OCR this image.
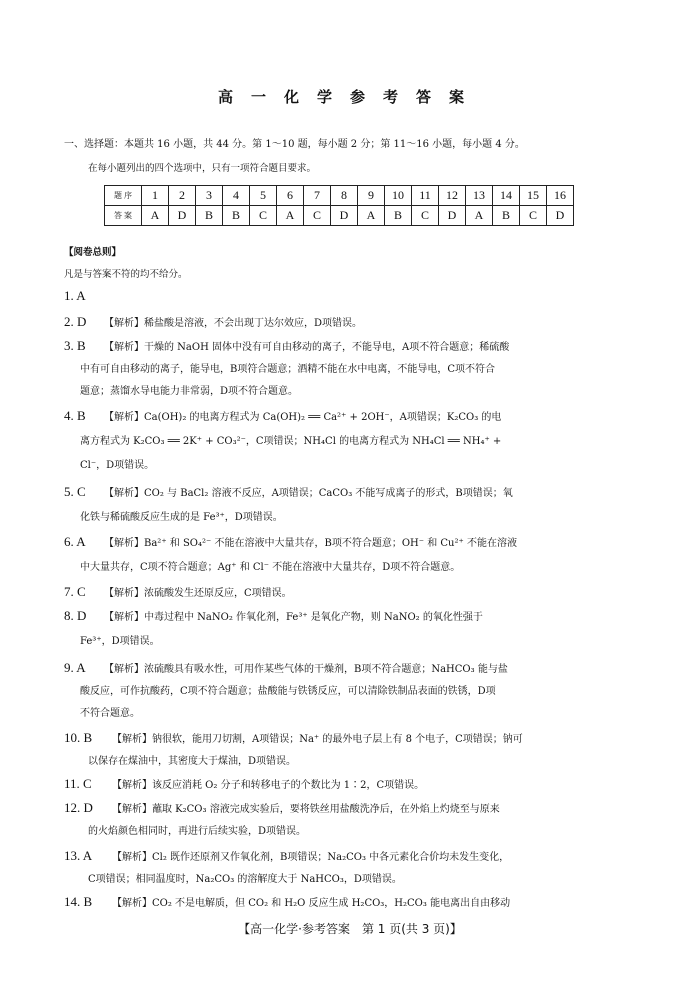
高一化学参考答案
一、选择题：本题共 16 小题，共 44 分。第 1～10 题，每小题 2 分；第 11～16 小题，每小题 4 分。
在每小题列出的四个选项中，只有一项符合题目要求。
题 序	1	2	3	4	5	6	7	8	9	10	11	12	13	14	15	16
答 案	A	D	B	B	C	A	C	D	A	B	C	D	A	B	C	D
【阅卷总则】
凡是与答案不符的均不给分。
1. A
2. D 【解析】稀盐酸是溶液，不会出现丁达尔效应，D项错误。
3. B 【解析】干燥的 NaOH 固体中没有可自由移动的离子，不能导电，A项不符合题意；稀硫酸
中有可自由移动的离子，能导电，B项符合题意；酒精不能在水中电离，不能导电，C项不符合
题意；蒸馏水导电能力非常弱，D项不符合题意。
4. B 【解析】Ca(OH)₂ 的电离方程式为 Ca(OH)₂ ══ Ca²⁺ + 2OH⁻，A项错误；K₂CO₃ 的电
离方程式为 K₂CO₃ ══ 2K⁺ + CO₃²⁻，C项错误；NH₄Cl 的电离方程式为 NH₄Cl ══ NH₄⁺ +
Cl⁻，D项错误。
5. C 【解析】CO₂ 与 BaCl₂ 溶液不反应，A项错误；CaCO₃ 不能写成离子的形式，B项错误；氧
化铁与稀硫酸反应生成的是 Fe³⁺，D项错误。
6. A 【解析】Ba²⁺ 和 SO₄²⁻ 不能在溶液中大量共存，B项不符合题意；OH⁻ 和 Cu²⁺ 不能在溶液
中大量共存，C项不符合题意；Ag⁺ 和 Cl⁻ 不能在溶液中大量共存，D项不符合题意。
7. C 【解析】浓硫酸发生还原反应，C项错误。
8. D 【解析】中毒过程中 NaNO₂ 作氧化剂，Fe³⁺ 是氧化产物，则 NaNO₂ 的氧化性强于
Fe³⁺，D项错误。
9. A 【解析】浓硫酸具有吸水性，可用作某些气体的干燥剂，B项不符合题意；NaHCO₃ 能与盐
酸反应，可作抗酸药，C项不符合题意；盐酸能与铁锈反应，可以清除铁制品表面的铁锈，D项
不符合题意。
10. B 【解析】钠很软，能用刀切割，A项错误；Na⁺ 的最外电子层上有 8 个电子，C项错误；钠可
以保存在煤油中，其密度大于煤油，D项错误。
11. C 【解析】该反应消耗 O₂ 分子和转移电子的个数比为 1∶2，C项错误。
12. D 【解析】蘸取 K₂CO₃ 溶液完成实验后，要将铁丝用盐酸洗净后，在外焰上灼烧至与原来
的火焰颜色相同时，再进行后续实验，D项错误。
13. A 【解析】Cl₂ 既作还原剂又作氧化剂，B项错误；Na₂CO₃ 中各元素化合价均未发生变化，
C项错误；相同温度时，Na₂CO₃ 的溶解度大于 NaHCO₃，D项错误。
14. B 【解析】CO₂ 不是电解质，但 CO₂ 和 H₂O 反应生成 H₂CO₃，H₂CO₃ 能电离出自由移动
【高一化学·参考答案　第 1 页(共 3 页)】
